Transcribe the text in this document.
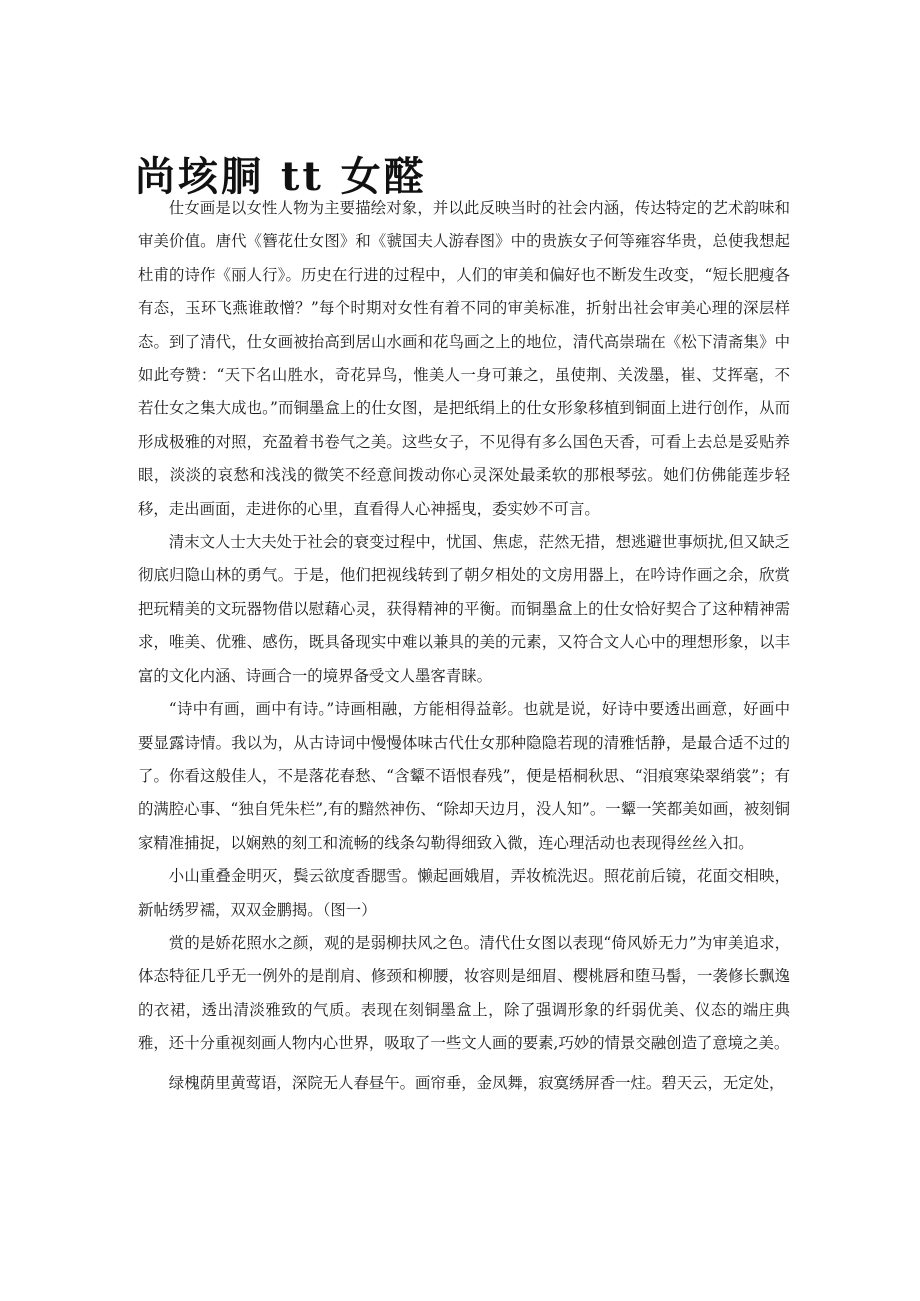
尚垓胴 tt 女醛

仕女画是以女性人物为主要描绘对象，并以此反映当时的社会内涵，传达特定的艺术韵味和审美价值。唐代《簪花仕女图》和《虢国夫人游春图》中的贵族女子何等雍容华贵，总使我想起杜甫的诗作《丽人行》。历史在行进的过程中，人们的审美和偏好也不断发生改变，“短长肥瘦各有态，玉环飞燕谁敢憎？”每个时期对女性有着不同的审美标准，折射出社会审美心理的深层样态。到了清代，仕女画被抬高到居山水画和花鸟画之上的地位，清代高崇瑞在《松下清斋集》中如此夸赞：“天下名山胜水，奇花异鸟，惟美人一身可兼之，虽使荆、关泼墨，崔、艾挥毫，不若仕女之集大成也。”而铜墨盒上的仕女图，是把纸绢上的仕女形象移植到铜面上进行创作，从而形成极雅的对照，充盈着书卷气之美。这些女子，不见得有多么国色天香，可看上去总是妥贴养眼，淡淡的哀愁和浅浅的微笑不经意间拨动你心灵深处最柔软的那根琴弦。她们仿佛能莲步轻移，走出画面，走进你的心里，直看得人心神摇曳，委实妙不可言。

清末文人士大夫处于社会的衰变过程中，忧国、焦虑，茫然无措，想逃避世事烦扰,但又缺乏彻底归隐山林的勇气。于是，他们把视线转到了朝夕相处的文房用器上，在吟诗作画之余，欣赏把玩精美的文玩器物借以慰藉心灵，获得精神的平衡。而铜墨盒上的仕女恰好契合了这种精神需求，唯美、优雅、感伤，既具备现实中难以兼具的美的元素，又符合文人心中的理想形象，以丰富的文化内涵、诗画合一的境界备受文人墨客青睐。

“诗中有画，画中有诗。”诗画相融，方能相得益彰。也就是说，好诗中要透出画意，好画中要显露诗情。我以为，从古诗词中慢慢体味古代仕女那种隐隐若现的清雅恬静，是最合适不过的了。你看这般佳人，不是落花春愁、“含颦不语恨春残”，便是梧桐秋思、“泪痕寒染翠绡裳”；有的满腔心事、“独自凭朱栏”,有的黯然神伤、“除却天边月，没人知”。一颦一笑都美如画，被刻铜家精准捕捉，以娴熟的刻工和流畅的线条勾勒得细致入微，连心理活动也表现得丝丝入扣。

小山重叠金明灭，鬓云欲度香腮雪。懒起画娥眉，弄妆梳洗迟。照花前后镜，花面交相映，新帖绣罗襦，双双金鹏揭。（图一）

赏的是娇花照水之颜，观的是弱柳扶风之色。清代仕女图以表现“倚风娇无力”为审美追求，体态特征几乎无一例外的是削肩、修颈和柳腰，妆容则是细眉、樱桃唇和堕马髻，一袭修长飘逸的衣裙，透出清淡雅致的气质。表现在刻铜墨盒上，除了强调形象的纤弱优美、仪态的端庄典雅，还十分重视刻画人物内心世界，吸取了一些文人画的要素,巧妙的情景交融创造了意境之美。

绿槐荫里黄莺语，深院无人春昼午。画帘垂，金凤舞，寂寞绣屏香一炷。碧天云，无定处，
